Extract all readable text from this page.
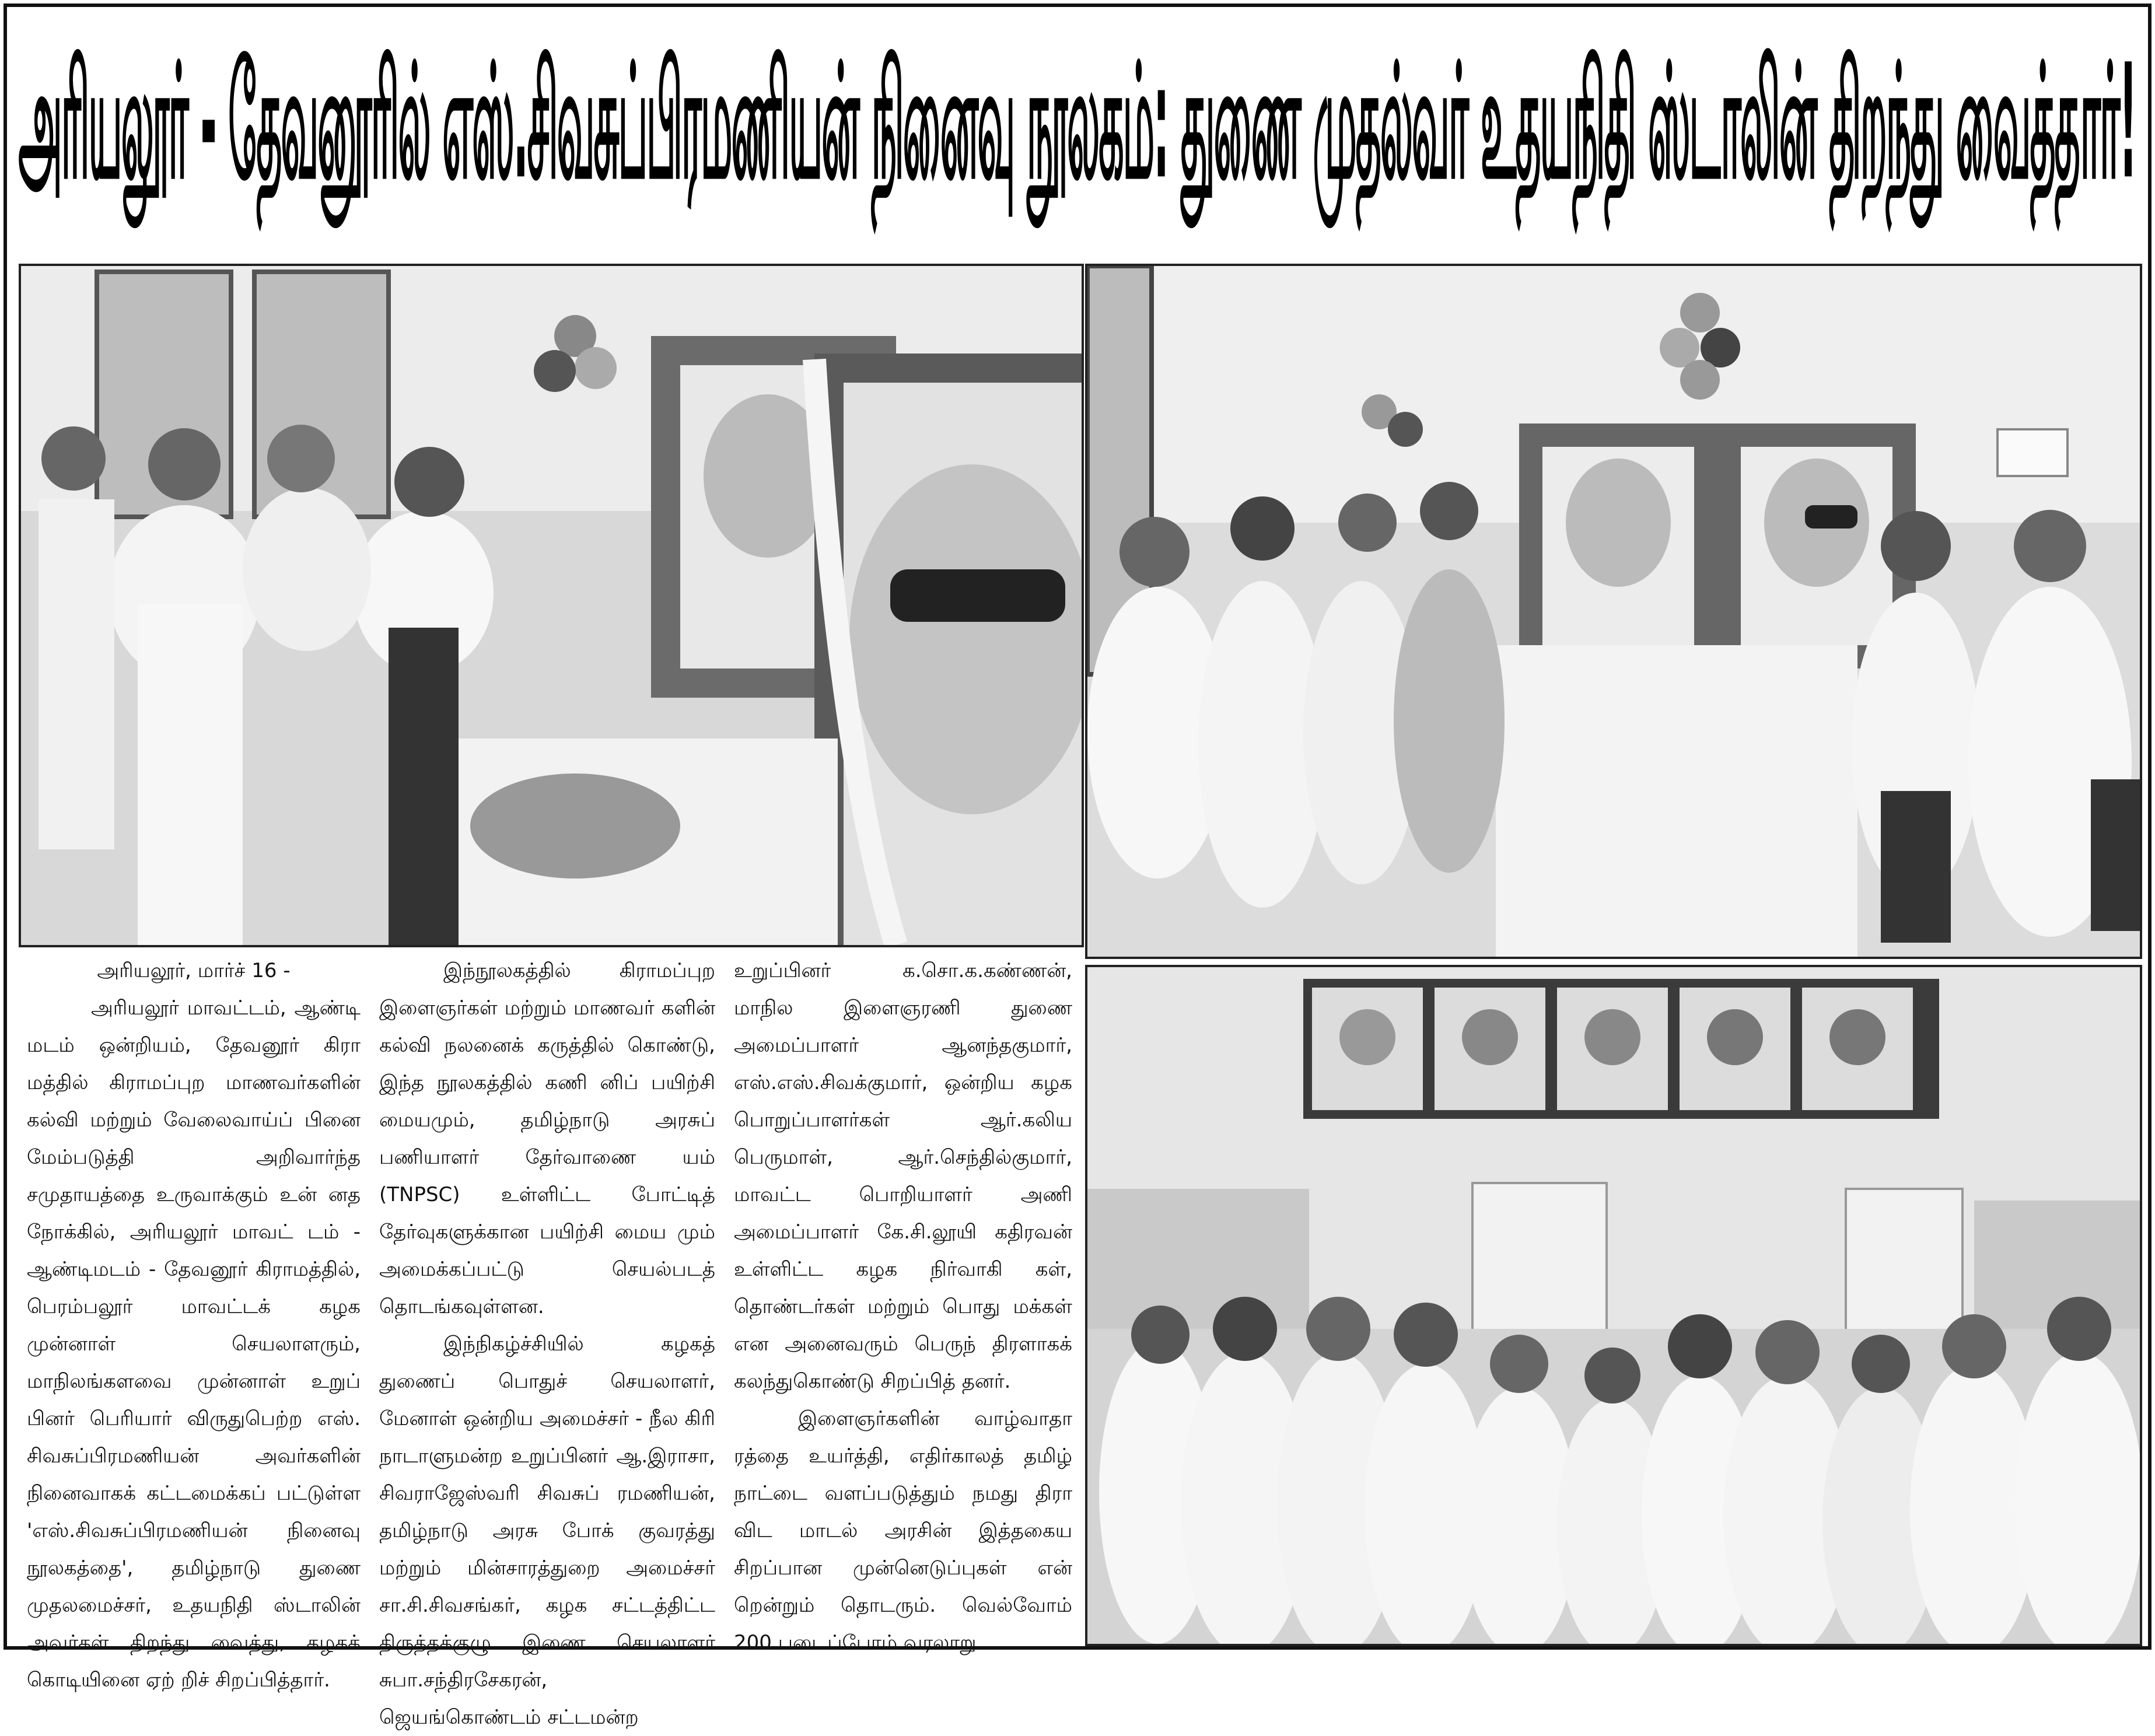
அரியலூர் - தேவனூரில் எஸ்.சிவசுப்பிரமணியன் நினைவு நூலகம்: துணை முதல்வர் உதயநிதி ஸ்டாலின் திறந்து வைத்தார்!

அரியலூர், மார்ச் 16 -

அரியலூர் மாவட்டம், ஆண்டி மடம் ஒன்றியம், தேவனூர் கிரா மத்தில் கிராமப்புற மாணவர்களின் கல்வி மற்றும் வேலைவாய்ப் பினை மேம்படுத்தி அறிவார்ந்த சமுதாயத்தை உருவாக்கும் உன் னத நோக்கில், அரியலூர் மாவட் டம் - ஆண்டிமடம் - தேவனூர் கிராமத்தில், பெரம்பலூர் மாவட்டக் கழக முன்னாள் செயலாளரும், மாநிலங்களவை முன்னாள் உறுப் பினர் பெரியார் விருதுபெற்ற எஸ். சிவசுப்பிரமணியன் அவர்களின் நினைவாகக் கட்டமைக்கப் பட்டுள்ள 'எஸ்.சிவசுப்பிரமணியன் நினைவு நூலகத்தை', தமிழ்நாடு துணை முதலமைச்சர், உதயநிதி ஸ்டாலின் அவர்கள் திறந்து வைத்து, கழகக் கொடியினை ஏற் றிச் சிறப்பித்தார்.

இந்நூலகத்தில் கிராமப்புற இளைஞர்கள் மற்றும் மாணவர் களின் கல்வி நலனைக் கருத்தில் கொண்டு, இந்த நூலகத்தில் கணி னிப் பயிற்சி மையமும், தமிழ்நாடு அரசுப் பணியாளர் தேர்வாணை யம் (TNPSC) உள்ளிட்ட போட்டித் தேர்வுகளுக்கான பயிற்சி மைய மும் அமைக்கப்பட்டு செயல்படத் தொடங்கவுள்ளன.

இந்நிகழ்ச்சியில் கழகத் துணைப் பொதுச் செயலாளர், மேனாள் ஒன்றிய அமைச்சர் - நீல கிரி நாடாளுமன்ற உறுப்பினர் ஆ.இராசா, சிவராஜேஸ்வரி சிவசுப் ரமணியன், தமிழ்நாடு அரசு போக் குவரத்து மற்றும் மின்சாரத்துறை அமைச்சர் சா.சி.சிவசங்கர், கழக சட்டத்திட்ட திருத்தக்குழு இணை செயலாளர் சுபா.சந்திரசேகரன், ஜெயங்கொண்டம் சட்டமன்ற

உறுப்பினர் க.சொ.க.கண்ணன், மாநில இளைஞரணி துணை அமைப்பாளர் ஆனந்தகுமார், எஸ்.எஸ்.சிவக்குமார், ஒன்றிய கழக பொறுப்பாளர்கள் ஆர்.கலிய பெருமாள், ஆர்.செந்தில்குமார், மாவட்ட பொறியாளர் அணி அமைப்பாளர் கே.சி.லூயி கதிரவன் உள்ளிட்ட கழக நிர்வாகி கள், தொண்டர்கள் மற்றும் பொது மக்கள் என அனைவரும் பெருந் திரளாகக் கலந்துகொண்டு சிறப்பித் தனர்.

இளைஞர்களின் வாழ்வாதா ரத்தை உயர்த்தி, எதிர்காலத் தமிழ் நாட்டை வளப்படுத்தும் நமது திரா விட மாடல் அரசின் இத்தகைய சிறப்பான முன்னெடுப்புகள் என் றென்றும் தொடரும். வெல்வோம் 200 படைப்போம் வரலாறு.
